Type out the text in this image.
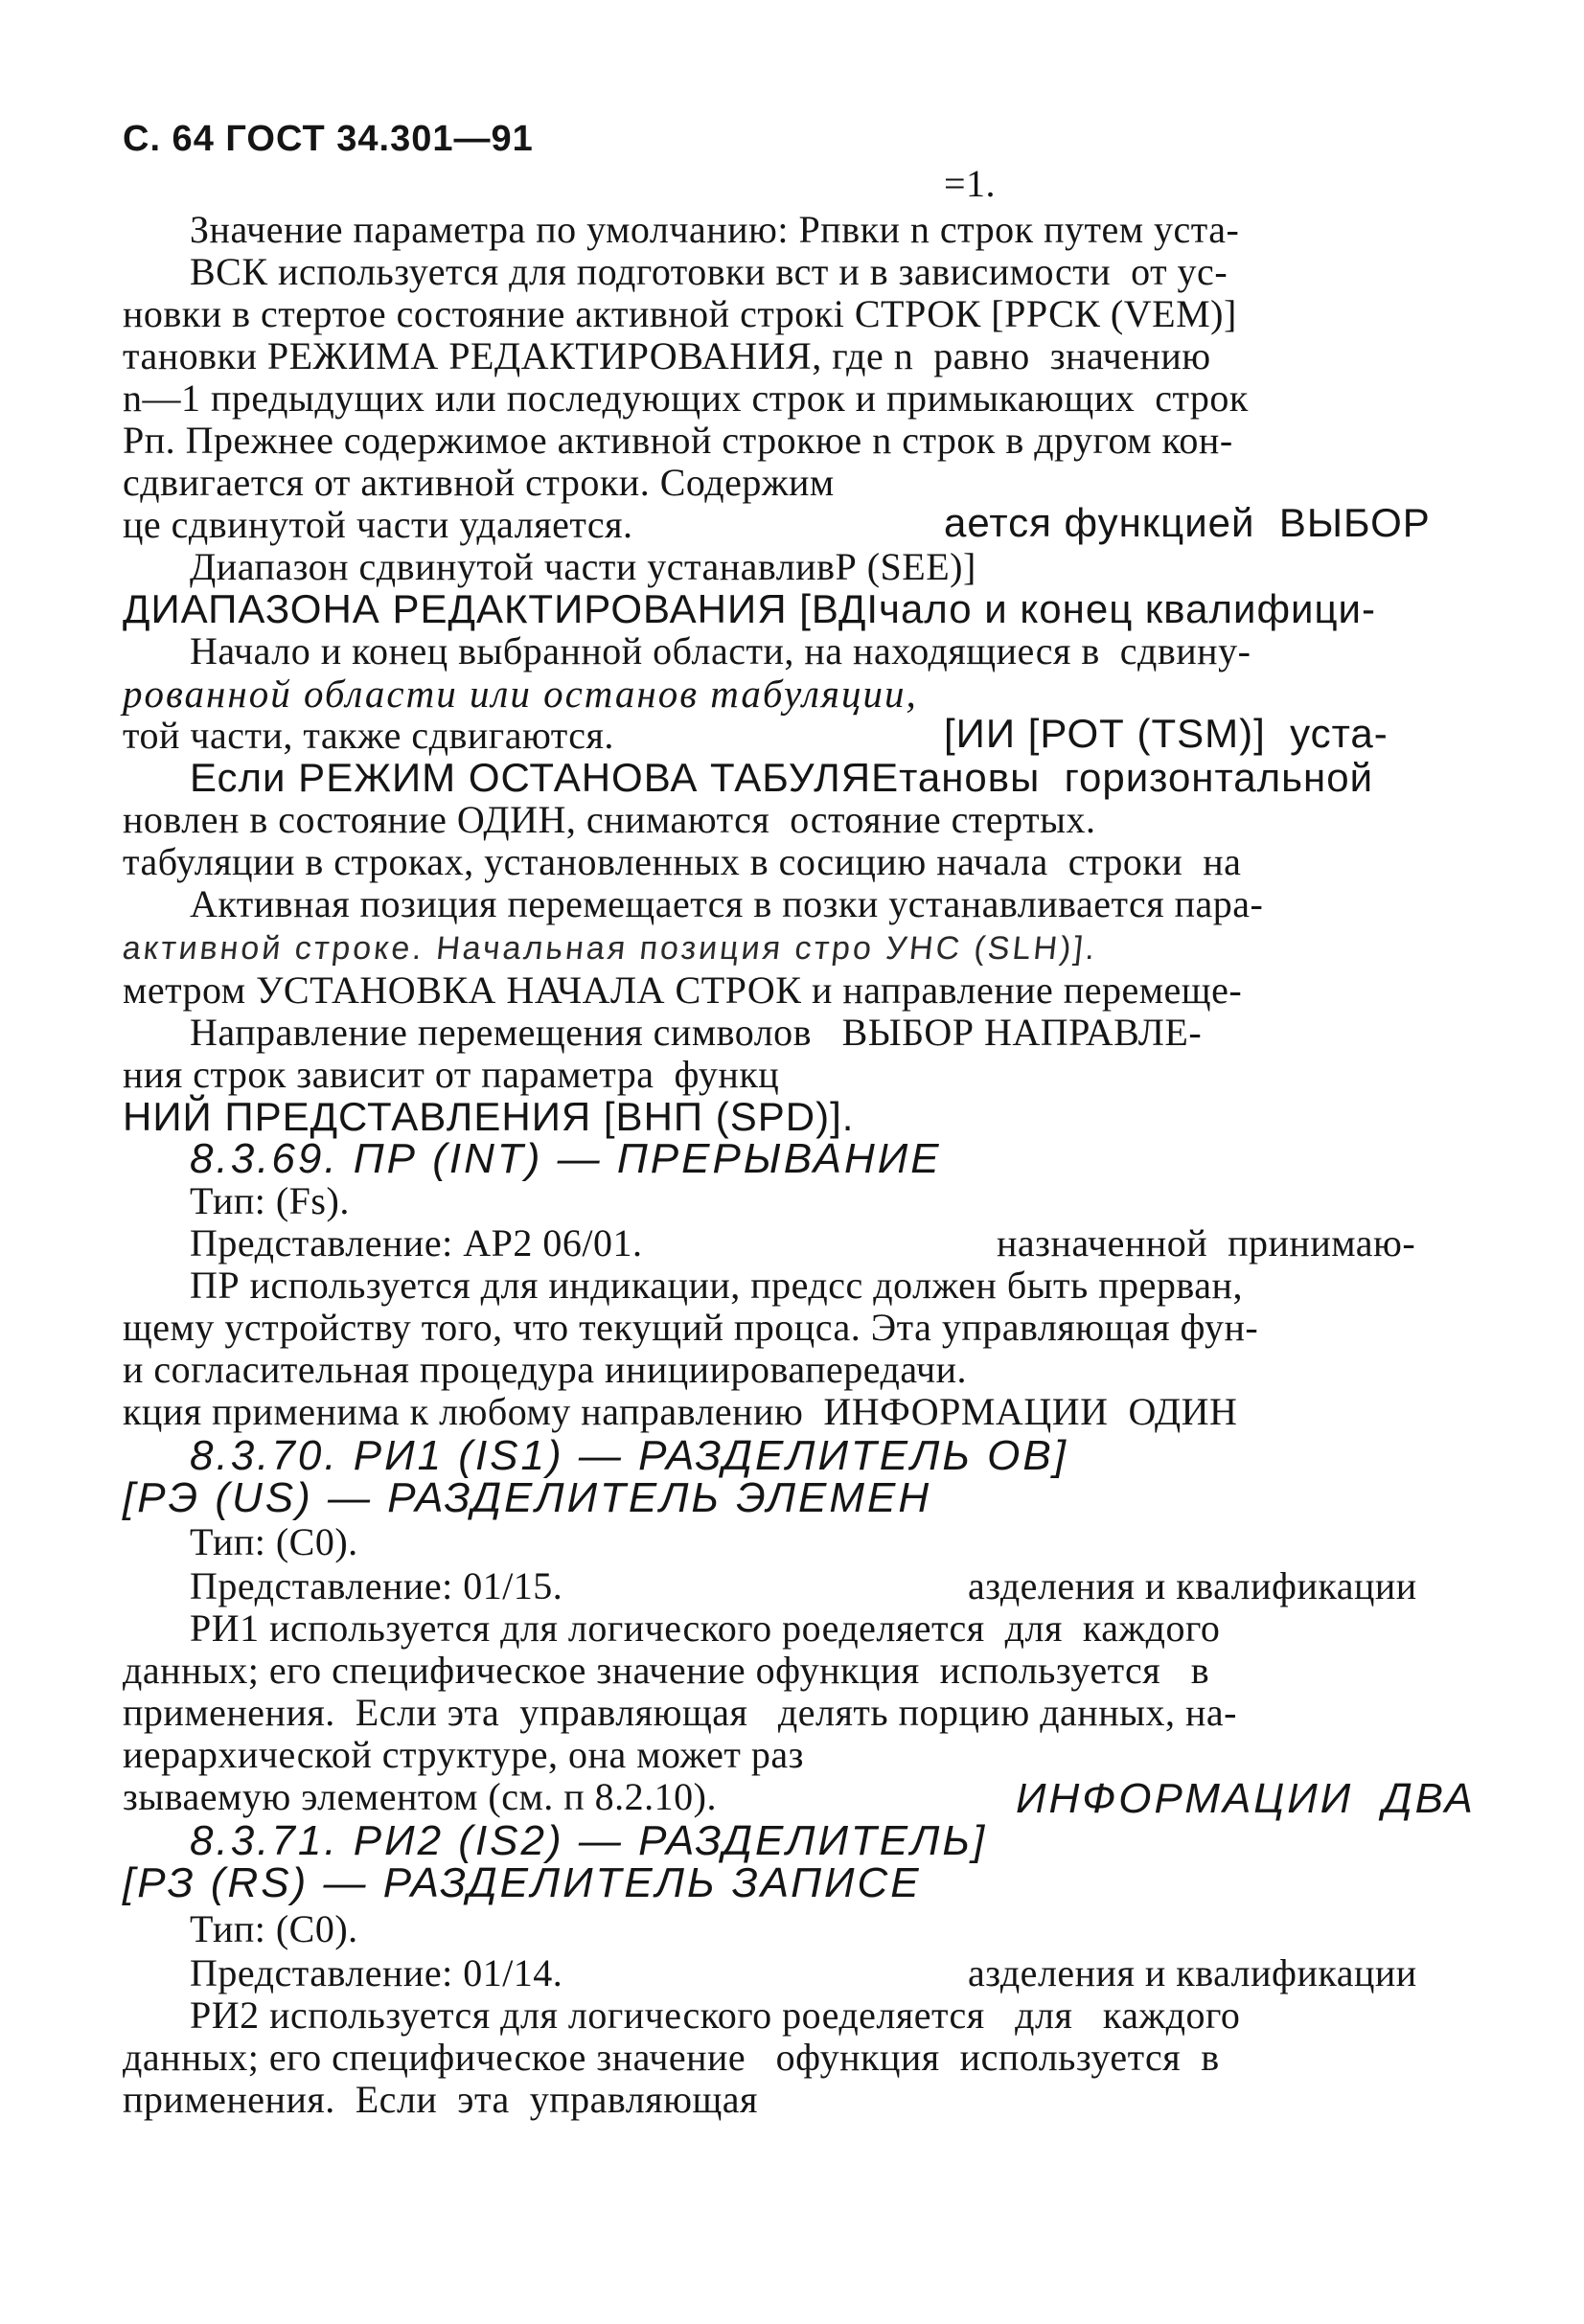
С. 64 ГОСТ 34.301—91
=1.
Значение параметра по умолчанию: Рпвки n строк путем уста-
ВСК используется для подготовки вст и в зависимости  от ус-
новки в стертое состояние активной строкі СТРОК [РРСК (VEM)]
тановки РЕЖИМА РЕДАКТИРОВАНИЯ, где n  равно  значению
n—1 предыдущих или последующих строк и примыкающих  строк
Рп. Прежнее содержимое активной строкюе n строк в другом кон-
сдвигается от активной строки. Содержим
це сдвинутой части удаляется.	ается функцией  ВЫБОР
Диапазон сдвинутой части устанавливР (SEE)]
ДИАПАЗОНА РЕДАКТИРОВАНИЯ [ВДІчало и конец квалифици-
Начало и конец выбранной области, на находящиеся в  сдвину-
рованной области или останов табуляции,
той части, также сдвигаются.	[ИИ [РОТ (TSM)]  уста-
Если РЕЖИМ ОСТАНОВА ТАБУЛЯЕтановы  горизонтальной
новлен в состояние ОДИН, снимаются  остояние стертых.
табуляции в строках, установленных в сосицию начала  строки  на
Активная позиция перемещается в позки устанавливается пара-
активной строке. Начальная позиция стро УНС (SLH)].
метром УСТАНОВКА НАЧАЛА СТРОК и направление перемеще-
Направление перемещения символов   ВЫБОР НАПРАВЛЕ-
ния строк зависит от параметра  функц
НИЙ ПРЕДСТАВЛЕНИЯ [ВНП (SPD)].
8.3.69. ПР (INT) — ПРЕРЫВАНИЕ
Тип: (Fs).
Представление: АР2 06/01.	назначенной  принимаю-
ПР используется для индикации, предсс должен быть прерван,
щему устройству того, что текущий процса. Эта управляющая фун-
и согласительная процедура инициировапередачи.
кция применима к любому направлению  ИНФОРМАЦИИ  ОДИН
8.3.70. РИ1 (IS1) — РАЗДЕЛИТЕЛЬ ОВ]
[РЭ (US) — РАЗДЕЛИТЕЛЬ ЭЛЕМЕН
Тип: (C0).
Представление: 01/15.	азделения и квалификации
РИ1 используется для логического роеделяется  для  каждого
данных; его специфическое значение офункция  используется   в
применения.  Если эта  управляющая   делять порцию данных, на-
иерархической структуре, она может раз
зываемую элементом (см. п 8.2.10).	ИНФОРМАЦИИ  ДВА
8.3.71. РИ2 (IS2) — РАЗДЕЛИТЕЛЬ]
[РЗ (RS) — РАЗДЕЛИТЕЛЬ ЗАПИСЕ
Тип: (C0).
Представление: 01/14.	азделения и квалификации
РИ2 используется для логического роеделяется   для   каждого
данных; его специфическое значение   офункция  используется  в
применения.  Если  эта  управляющая
